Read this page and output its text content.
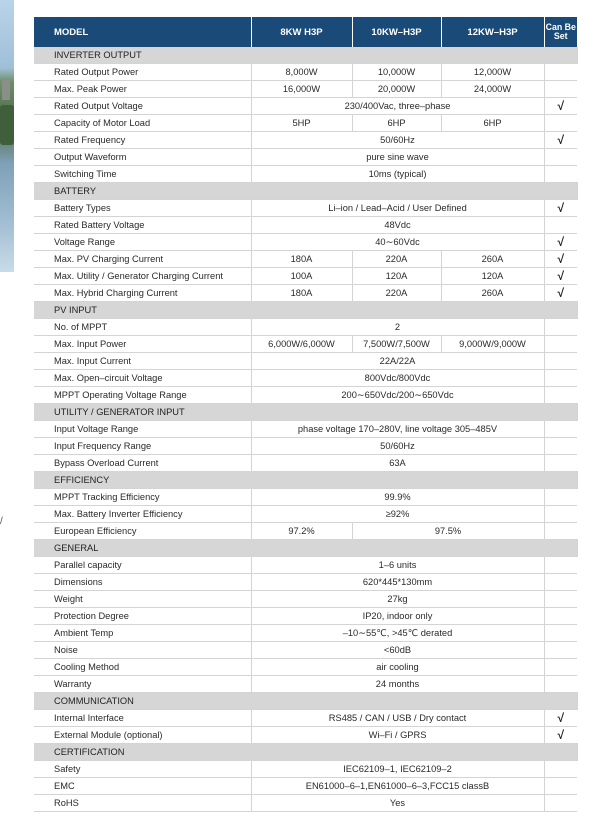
/
MODEL	8KW H3P	10KW–H3P	12KW–H3P	Can Be Set
INVERTER OUTPUT				
Rated Output Power	8,000W	10,000W	12,000W	
Max. Peak Power	16,000W	20,000W	24,000W	
Rated Output Voltage	230/400Vac, three–phase			√
Capacity of Motor Load	5HP	6HP	6HP	
Rated Frequency	50/60Hz			√
Output Waveform	pure sine wave			
Switching Time	10ms (typical)			
BATTERY				
Battery Types	Li–ion / Lead–Acid / User Defined			√
Rated Battery Voltage	48Vdc			
Voltage Range	40∼60Vdc			√
Max. PV Charging Current	180A	220A	260A	√
Max. Utility / Generator Charging Current	100A	120A	120A	√
Max. Hybrid Charging Current	180A	220A	260A	√
PV INPUT				
No. of MPPT	2			
Max. Input Power	6,000W/6,000W	7,500W/7,500W	9,000W/9,000W	
Max. Input Current	22A/22A			
Max. Open–circuit Voltage	800Vdc/800Vdc			
MPPT Operating Voltage Range	200∼650Vdc/200∼650Vdc			
UTILITY / GENERATOR INPUT				
Input Voltage Range	phase voltage 170–280V, line voltage 305–485V			
Input Frequency Range	50/60Hz			
Bypass Overload Current	63A			
EFFICIENCY				
MPPT Tracking Efficiency	99.9%			
Max. Battery Inverter Efficiency	≥92%			
European Efficiency	97.2%	97.5%		
GENERAL				
Parallel capacity	1–6 units			
Dimensions	620*445*130mm			
Weight	27kg			
Protection Degree	IP20, indoor only			
Ambient Temp	–10∼55℃, >45℃ derated			
Noise	<60dB			
Cooling Method	air cooling			
Warranty	24 months			
COMMUNICATION				
Internal Interface	RS485 / CAN / USB / Dry contact			√
External Module (optional)	Wi–Fi / GPRS			√
CERTIFICATION				
Safety	IEC62109–1, IEC62109–2			
EMC	EN61000–6–1,EN61000–6–3,FCC15 classB			
RoHS	Yes			
